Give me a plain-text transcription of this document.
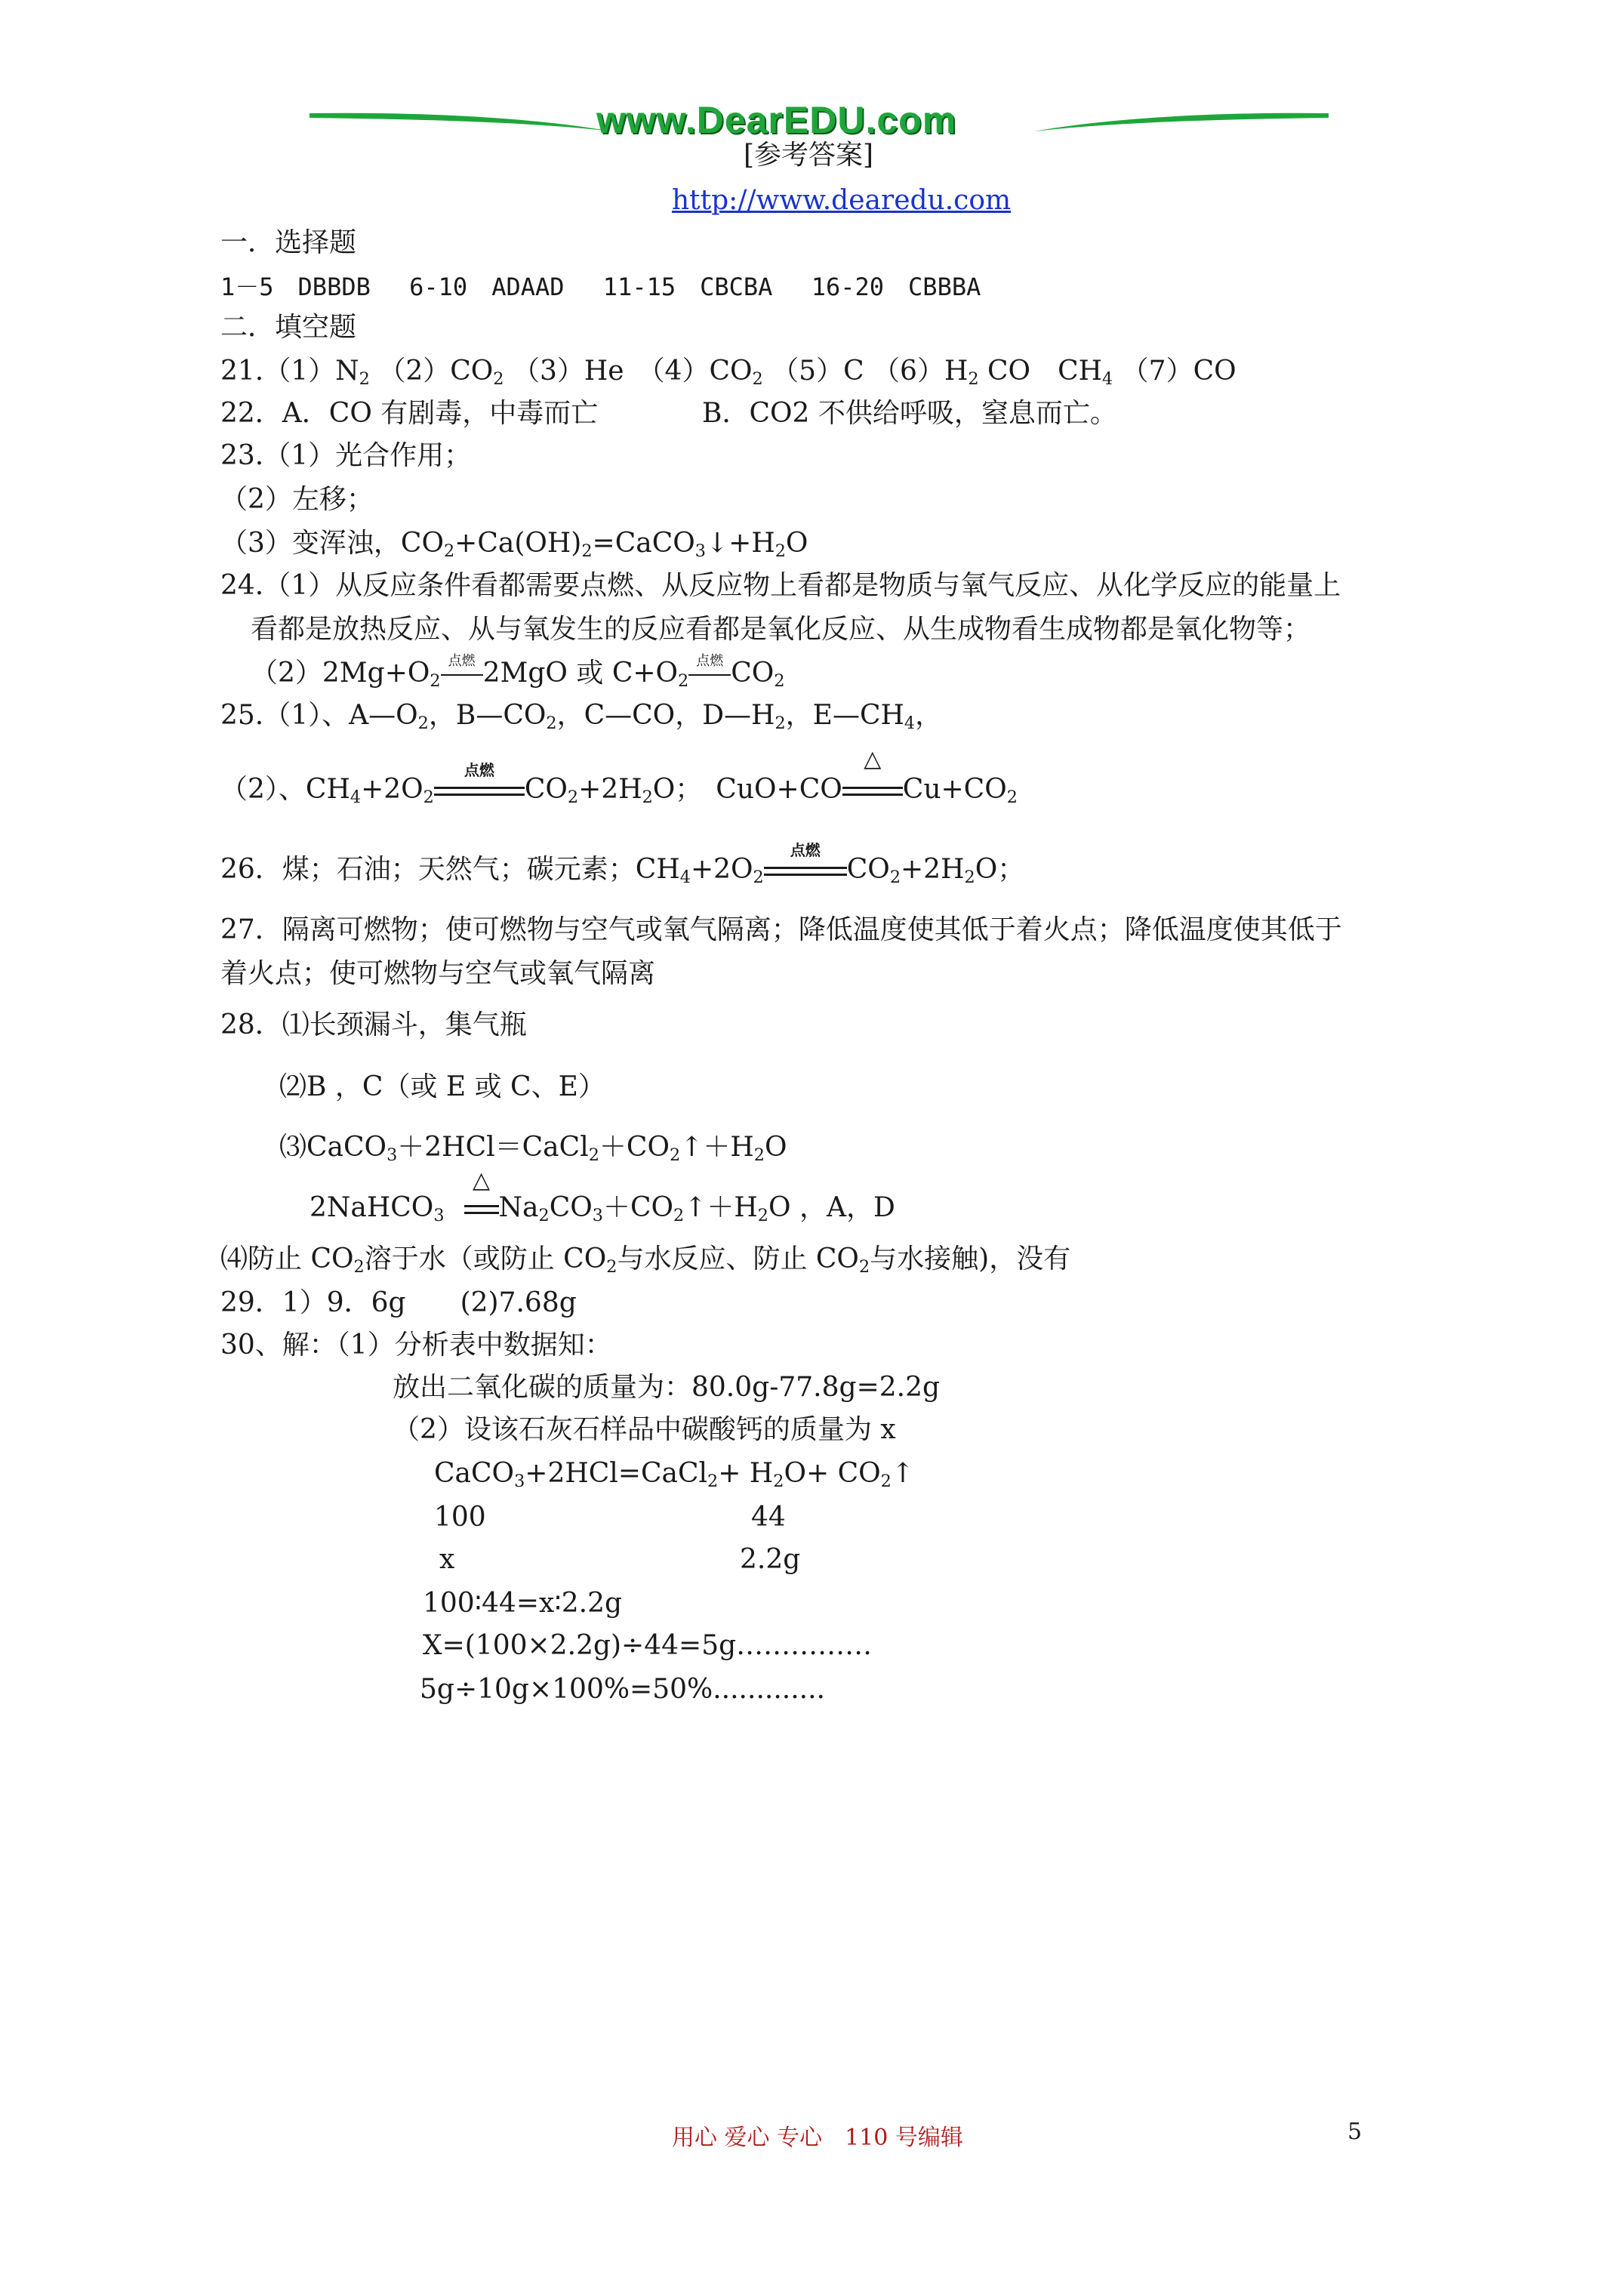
www.DearEDU.com
[参考答案]
http://www.dearedu.com
一．选择题
1－5　DBBDB　 6-10　ADAAD　 11-15　CBCBA　 16-20　CBBBA
二．填空题
$21.(1)N_2$ $(2)CO_2$ （3）He　$(4)CO_2$ （5）C $(6)H_2$ CO　$CH_4$ （7）CO
22．A．CO 有剧毒，中毒而亡	B．CO2 不供给呼吸，窒息而亡。
23.（1）光合作用；
（2）左移；
（3）变浑浊，$CO_2+Ca(OH)_2=CaCO_3↓+H_2O$
24.（1）从反应条件看都需要点燃、从反应物上看都是物质与氧气反应、从化学反应的能量上
看都是放热反应、从与氧发生的反应看都是氧化反应、从生成物看生成物都是氧化物等；
$(2)2Mg+O_2$
点燃 2MgO 或 $C+O_2$
点燃 $CO_2$
25.（1）、$A—O_2$，$B—CO_2$，C—CO，$D—H_2$，$E—CH_4$，
（2）、$CH_4+2O_2$
点燃
$CO_2+2H_2O$；　CuO+CO
△
$Cu+CO_2$
26．煤；石油；天然气；碳元素；$CH_4+2O_2$
点燃
$CO_2+2H_2O$；
27．隔离可燃物；使可燃物与空气或氧气隔离；降低温度使其低于着火点；降低温度使其低于
着火点；使可燃物与空气或氧气隔离
28．⑴长颈漏斗，集气瓶
⑵B ，C（或 E 或 C、E）
$⑶CaCO_3+2HCl=CaCl_2+CO_2↑+H_2O$
2NaHCO$_3$
△
$Na_2CO_3+CO_2↑+H_2O$ ，A，D
⑷防止 $CO_2$溶于水（或防止 $CO_2$与水反应、防止 $CO_2$与水接触)，没有
29．1）9．6g　　(2)7.68g
30、解：（1）分析表中数据知：
放出二氧化碳的质量为：80.0g-77.8g=2.2g
（2）设该石灰石样品中碳酸钙的质量为 x
CaCO$_3$+2HCl=CaCl$_2$+ $H_2O+$ $CO_2↑$
100	44
x	2.2g
100∶44=x∶2.2g
X=(100×2.2g)÷44=5g……………
5g÷10g×100%=50%.............
用心 爱心 专心　110 号编辑	5
